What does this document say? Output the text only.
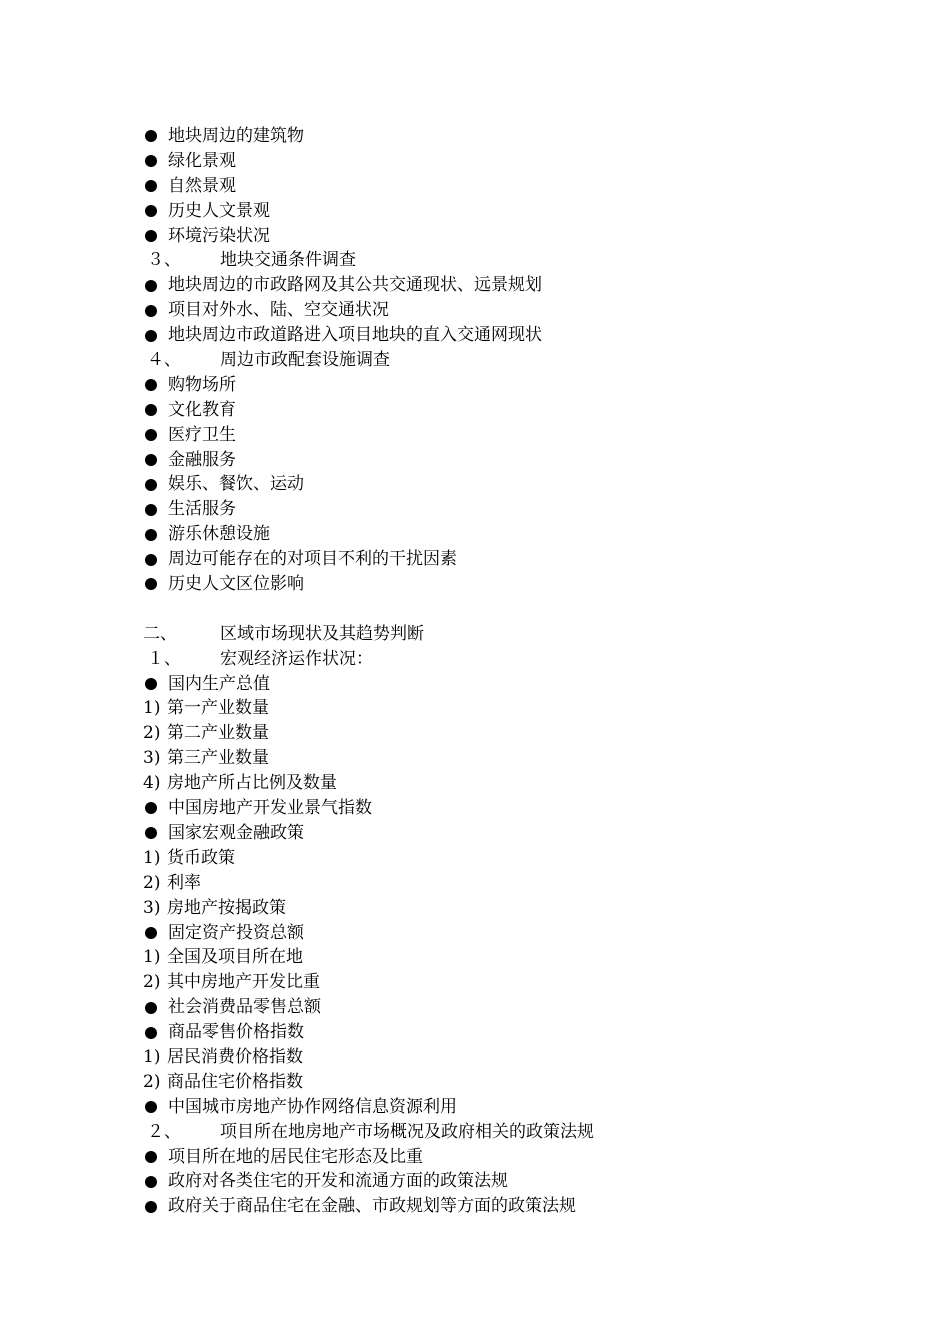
地块周边的建筑物
绿化景观
自然景观
历史人文景观
环境污染状况
３、	地块交通条件调查
地块周边的市政路网及其公共交通现状、远景规划
项目对外水、陆、空交通状况
地块周边市政道路进入项目地块的直入交通网现状
４、	周边市政配套设施调查
购物场所
文化教育
医疗卫生
金融服务
娱乐、餐饮、运动
生活服务
游乐休憩设施
周边可能存在的对项目不利的干扰因素
历史人文区位影响
二、	区域市场现状及其趋势判断
１、	宏观经济运作状况：
国内生产总值
1) 第一产业数量
2) 第二产业数量
3) 第三产业数量
4) 房地产所占比例及数量
中国房地产开发业景气指数
国家宏观金融政策
1) 货币政策
2) 利率
3) 房地产按揭政策
固定资产投资总额
1) 全国及项目所在地
2) 其中房地产开发比重
社会消费品零售总额
商品零售价格指数
1) 居民消费价格指数
2) 商品住宅价格指数
中国城市房地产协作网络信息资源利用
２、	项目所在地房地产市场概况及政府相关的政策法规
项目所在地的居民住宅形态及比重
政府对各类住宅的开发和流通方面的政策法规
政府关于商品住宅在金融、市政规划等方面的政策法规
